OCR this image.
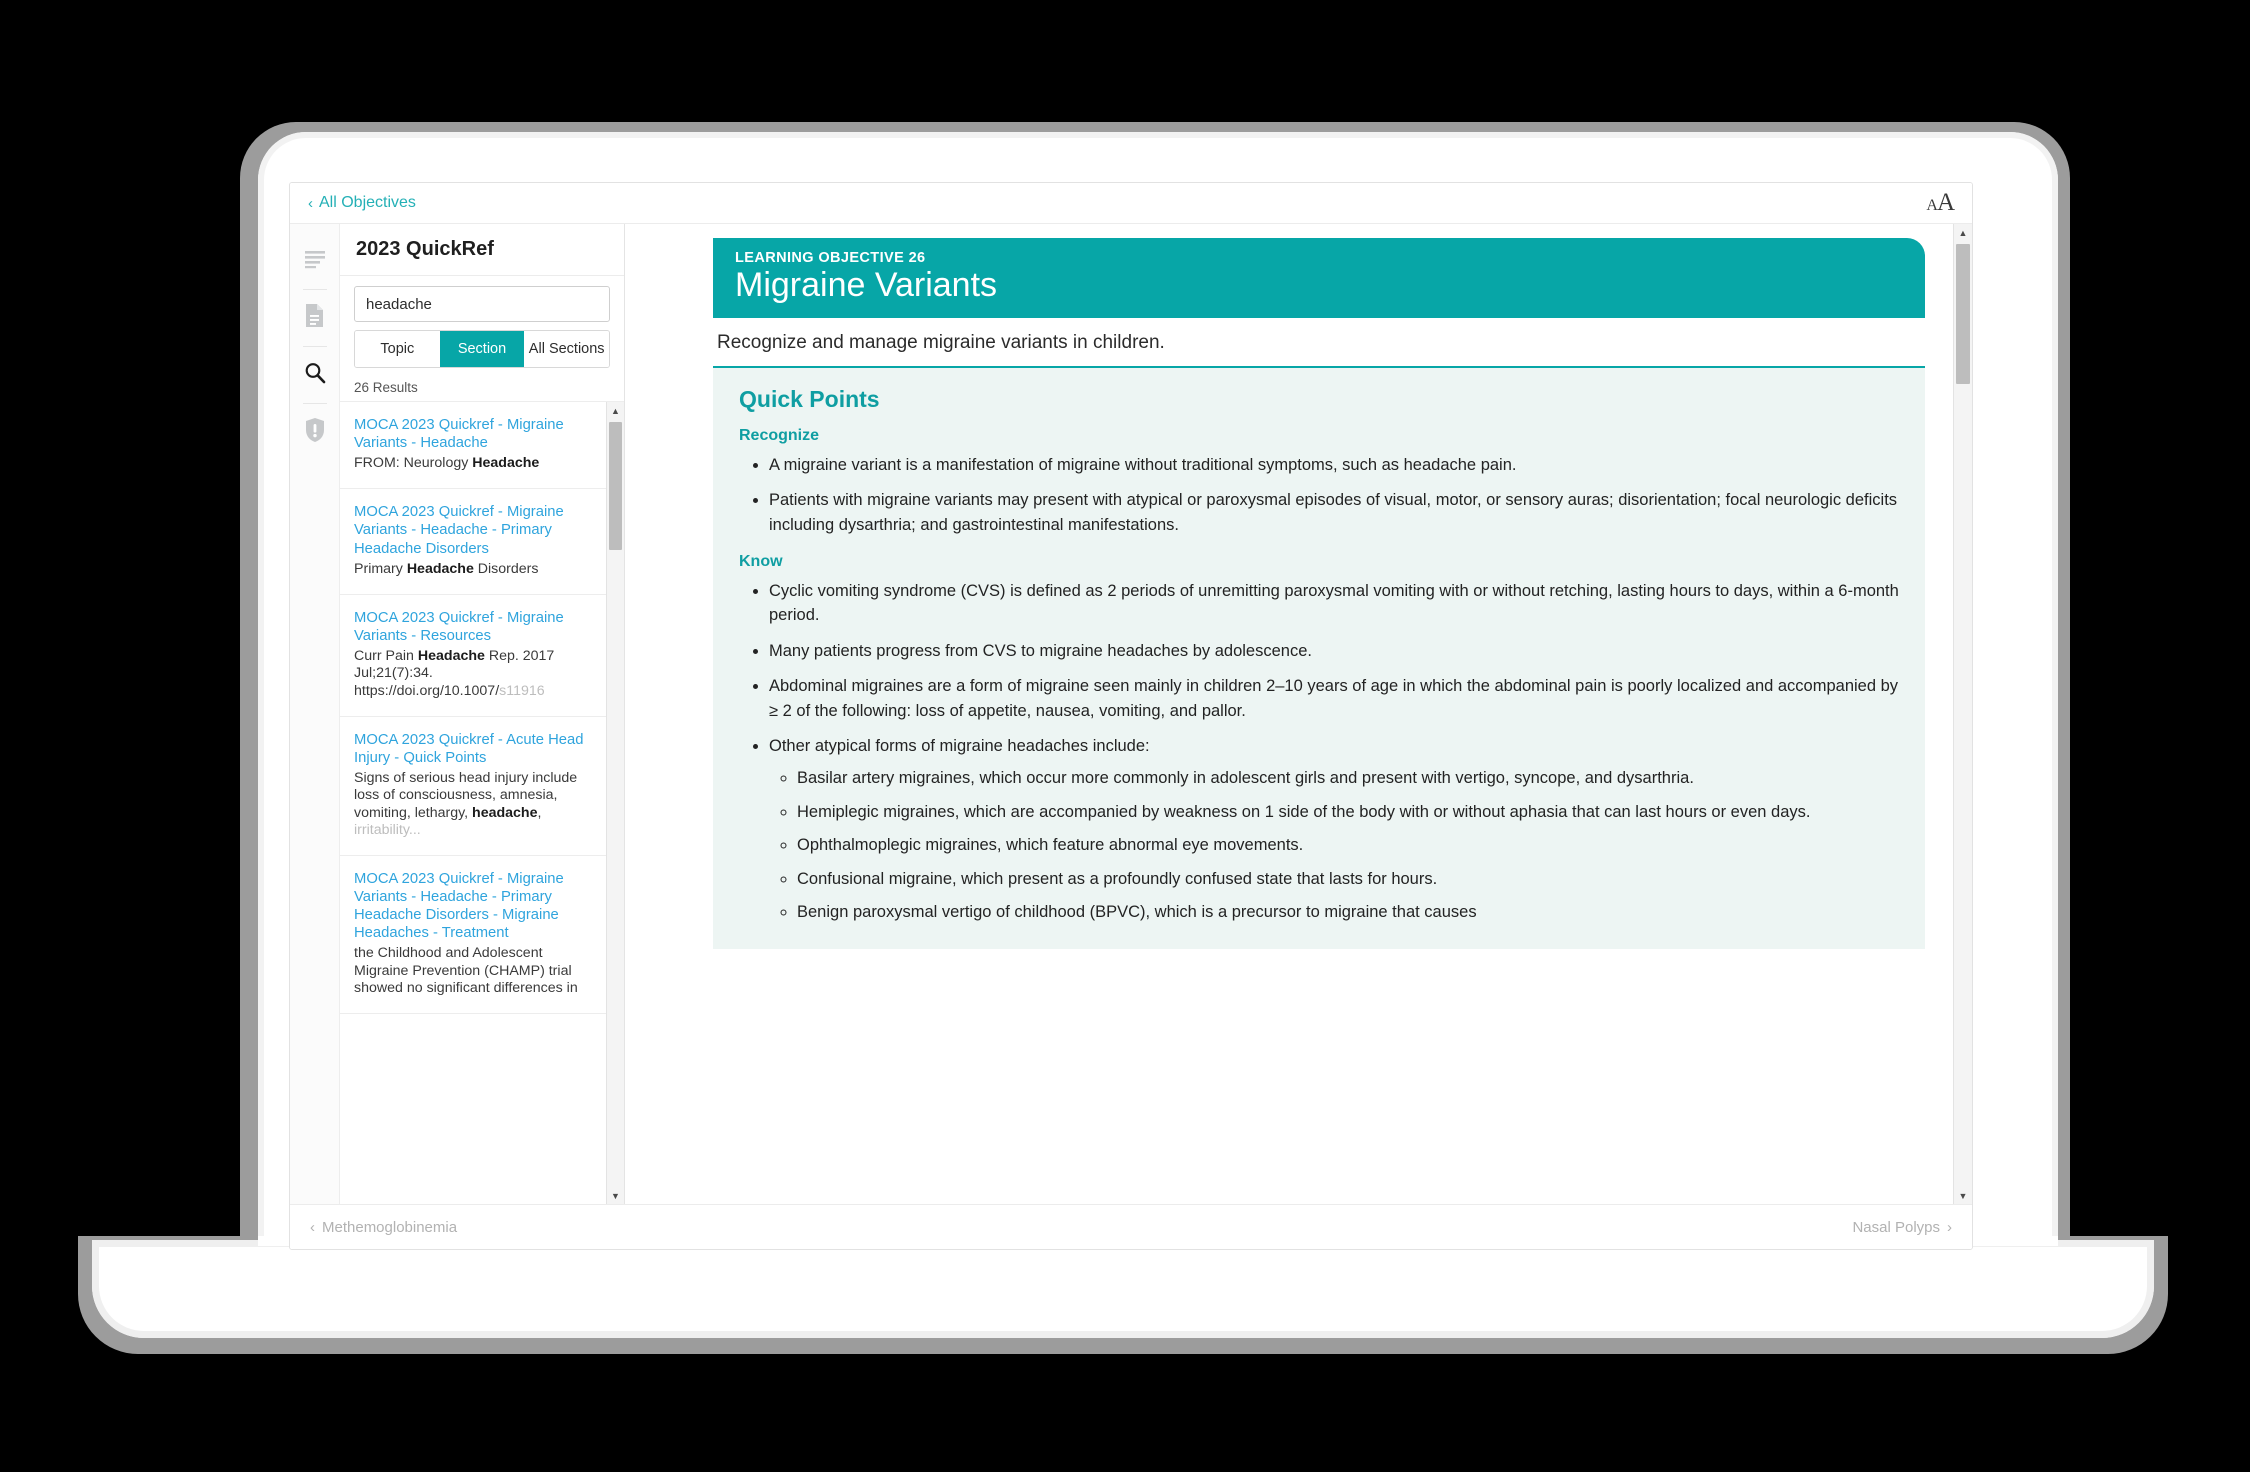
‹ All Objectives	A A
2023 QuickRef
headache
Topic	Section	All Sections
26 Results
MOCA 2023 Quickref - Migraine Variants - Headache
FROM: Neurology Headache
MOCA 2023 Quickref - Migraine Variants - Headache - Primary Headache Disorders
Primary Headache Disorders
MOCA 2023 Quickref - Migraine Variants - Resources
Curr Pain Headache Rep. 2017 Jul;21(7):34. https://doi.org/10.1007/s11916
MOCA 2023 Quickref - Acute Head Injury - Quick Points
Signs of serious head injury include loss of consciousness, amnesia, vomiting, lethargy, headache, irritability...
MOCA 2023 Quickref - Migraine Variants - Headache - Primary Headache Disorders - Migraine Headaches - Treatment
the Childhood and Adolescent Migraine Prevention (CHAMP) trial showed no significant differences in
▲
▼
LEARNING OBJECTIVE 26
Migraine Variants
Recognize and manage migraine variants in children.
Quick Points
Recognize
• A migraine variant is a manifestation of migraine without traditional symptoms, such as headache pain.
• Patients with migraine variants may present with atypical or paroxysmal episodes of visual, motor, or sensory auras; disorientation; focal neurologic deficits including dysarthria; and gastrointestinal manifestations.
Know
• Cyclic vomiting syndrome (CVS) is defined as 2 periods of unremitting paroxysmal vomiting with or without retching, lasting hours to days, within a 6-month period.
• Many patients progress from CVS to migraine headaches by adolescence.
• Abdominal migraines are a form of migraine seen mainly in children 2–10 years of age in which the abdominal pain is poorly localized and accompanied by ≥ 2 of the following: loss of appetite, nausea, vomiting, and pallor.
• Other atypical forms of migraine headaches include:
◦ Basilar artery migraines, which occur more commonly in adolescent girls and present with vertigo, syncope, and dysarthria.
◦ Hemiplegic migraines, which are accompanied by weakness on 1 side of the body with or without aphasia that can last hours or even days.
◦ Ophthalmoplegic migraines, which feature abnormal eye movements.
◦ Confusional migraine, which present as a profoundly confused state that lasts for hours.
◦ Benign paroxysmal vertigo of childhood (BPVC), which is a precursor to migraine that causes
▲
▼
‹ Methemoglobinemia	Nasal Polyps ›
